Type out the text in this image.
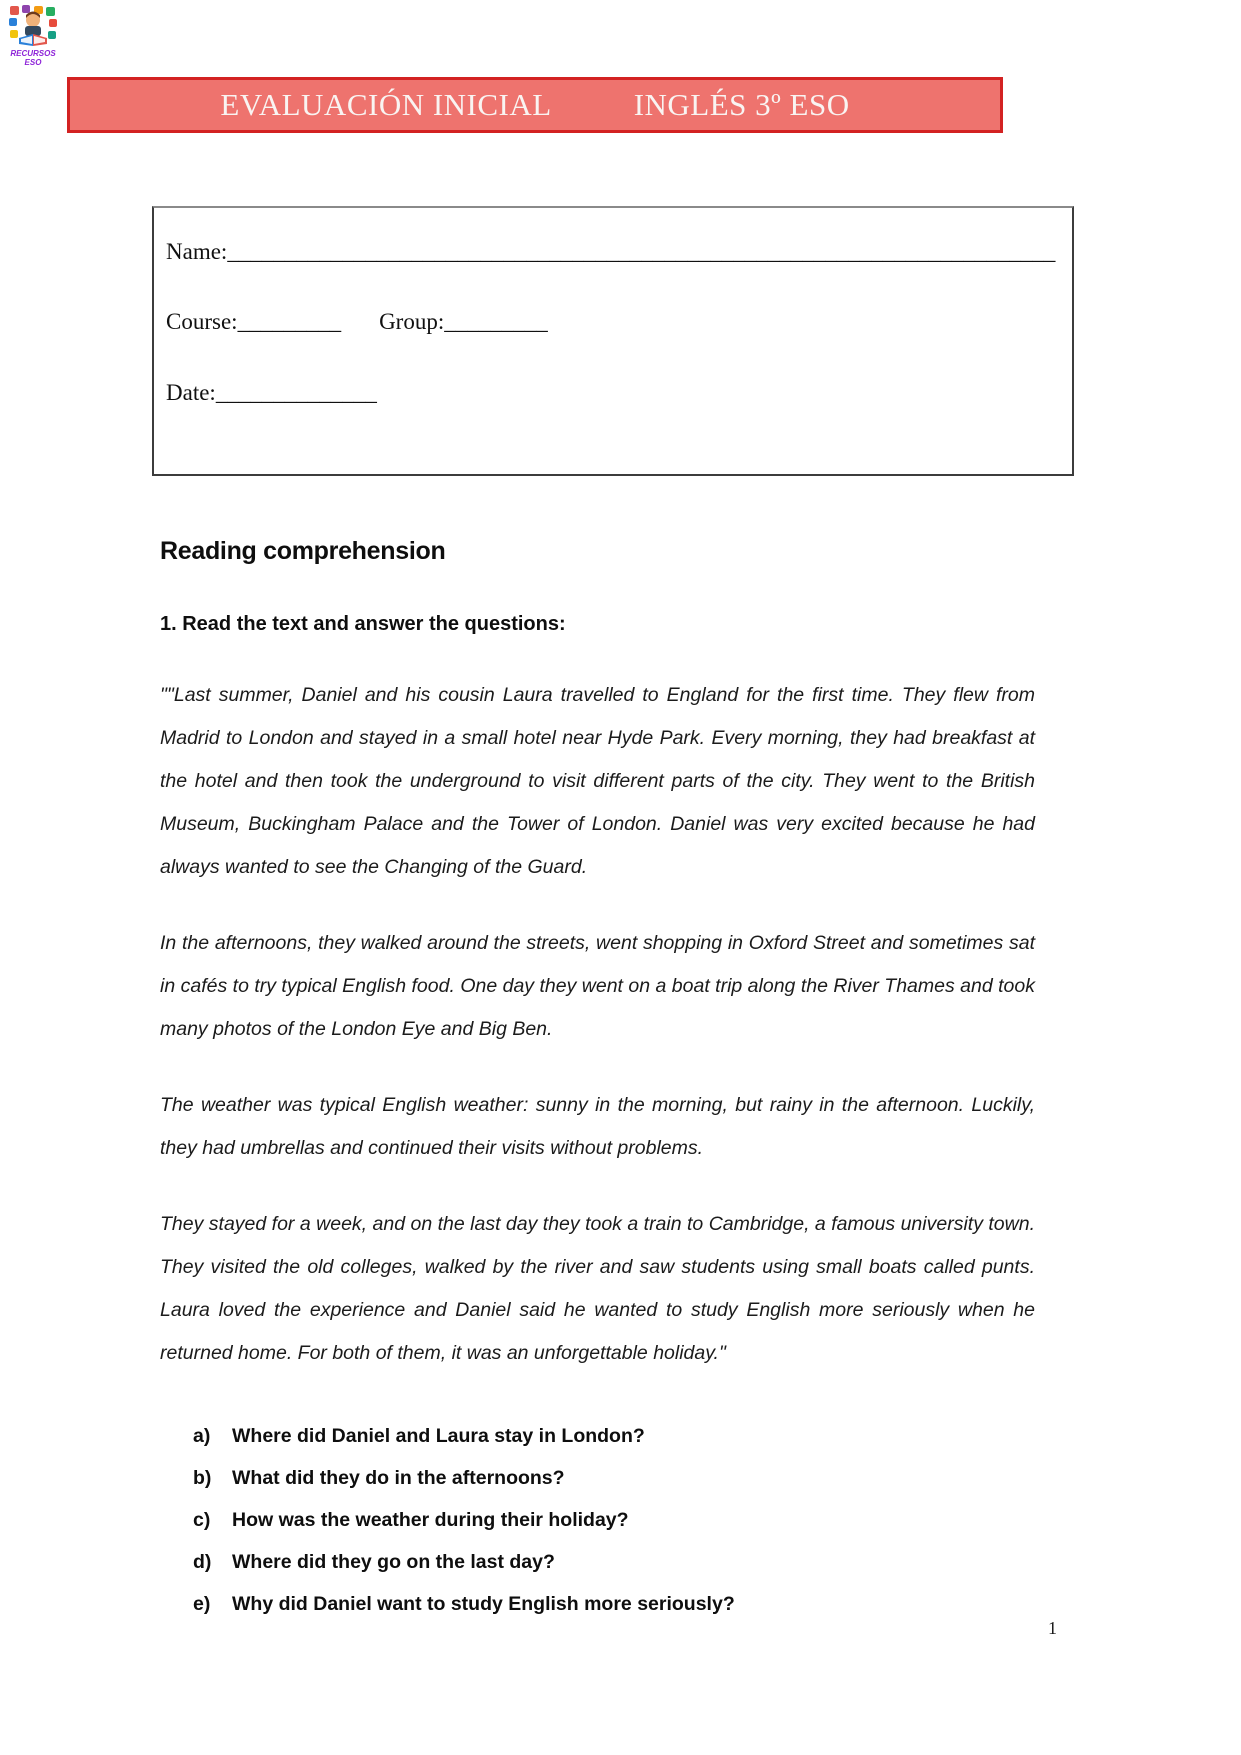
RECURSOS
ESO
EVALUACIÓN INICIAL	INGLÉS 3º ESO
Name:________________________________________________________________________
Course:_________ Group:_________
Date:______________
Reading comprehension

1. Read the text and answer the questions:

""Last summer, Daniel and his cousin Laura travelled to England for the first time. They flew from Madrid to London and stayed in a small hotel near Hyde Park. Every morning, they had breakfast at the hotel and then took the underground to visit different parts of the city. They went to the British Museum, Buckingham Palace and the Tower of London. Daniel was very excited because he had always wanted to see the Changing of the Guard.

In the afternoons, they walked around the streets, went shopping in Oxford Street and sometimes sat in cafés to try typical English food. One day they went on a boat trip along the River Thames and took many photos of the London Eye and Big Ben.

The weather was typical English weather: sunny in the morning, but rainy in the afternoon. Luckily, they had umbrellas and continued their visits without problems.

They stayed for a week, and on the last day they took a train to Cambridge, a famous university town. They visited the old colleges, walked by the river and saw students using small boats called punts. Laura loved the experience and Daniel said he wanted to study English more seriously when he returned home. For both of them, it was an unforgettable holiday."

a) Where did Daniel and Laura stay in London?
b) What did they do in the afternoons?
c) How was the weather during their holiday?
d) Where did they go on the last day?
e) Why did Daniel want to study English more seriously?
1
